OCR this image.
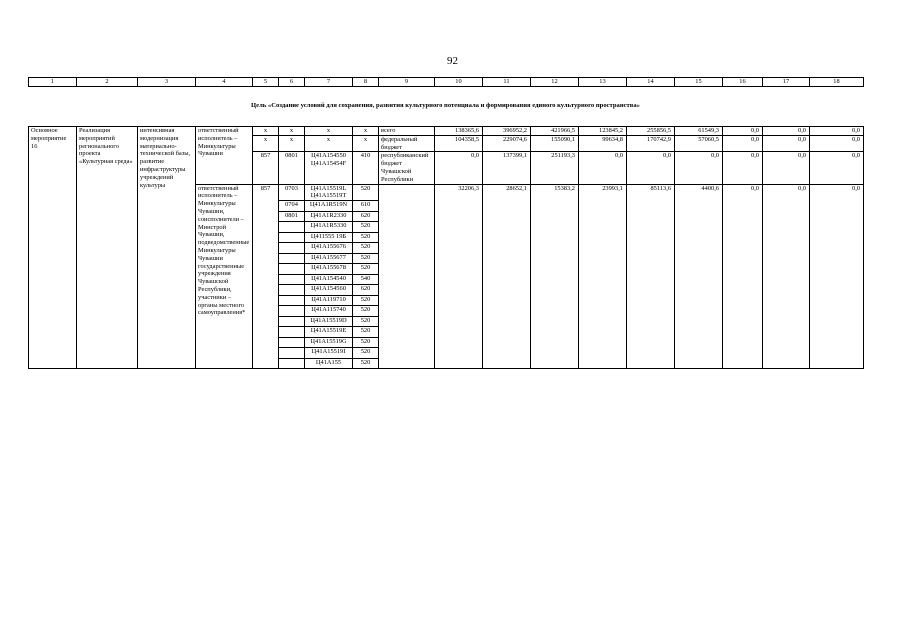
92
1	2	3	4	5	6	7	8	9	10	11	12	13	14	15	16	17	18
Цель «Создание условий для сохранения, развития культурного потенциала и формирования единого культурного пространства»
Основное мероприятие 16	Реализация мероприятий регионального проекта «Культурная среда»	интенсивная модернизация материально-технической базы, развитие инфраструктуры учреждений культуры	ответственный исполнитель – Минкультуры Чувашии	x	x	x	x	всего	138365,6	396952,2	421966,5	123845,2	255856,5	61549,3	0,0	0,0	0,0
				x	x	x	x	федеральный бюджет	104358,5	229074,6	155090,1	99634,8	170742,9	57060,5	0,0	0,0	0,0
				857	0801	Ц41А154550 Ц41А15454F	410	республиканский бюджет Чувашской Республики	0,0	137399,1	251193,3	0,0	0,0	0,0	0,0	0,0	0,0
			ответственный исполнитель – Минкультуры Чувашии, соисполнители – Минстрой Чувашии, подведомственные Минкультуры Чувашии государственные учреждения Чувашской Республики, участники – органы местного самоуправления*	857	0703	Ц41А15519L Ц41А15519Т	520		32206,3	28652,1	15383,2	23993,1	85113,6	4400,6	0,0	0,0	0,0
					0704	Ц41А1R519N	610										
					0801	Ц41А1R2330	620										
						Ц41А1R5330	520										
						Ц411555 19Б	520										
						Ц41А155676	520										
						Ц41А155677	520										
						Ц41А155678	520										
						Ц41А154540	540										
						Ц41А154560	620										
						Ц41А119710	520										
						Ц41А115740	520										
						Ц41А15519D	520										
						Ц41А15519Е	520										
						Ц41А15519G	520										
						Ц41А15519I	520										
						Ц41А155	520										
